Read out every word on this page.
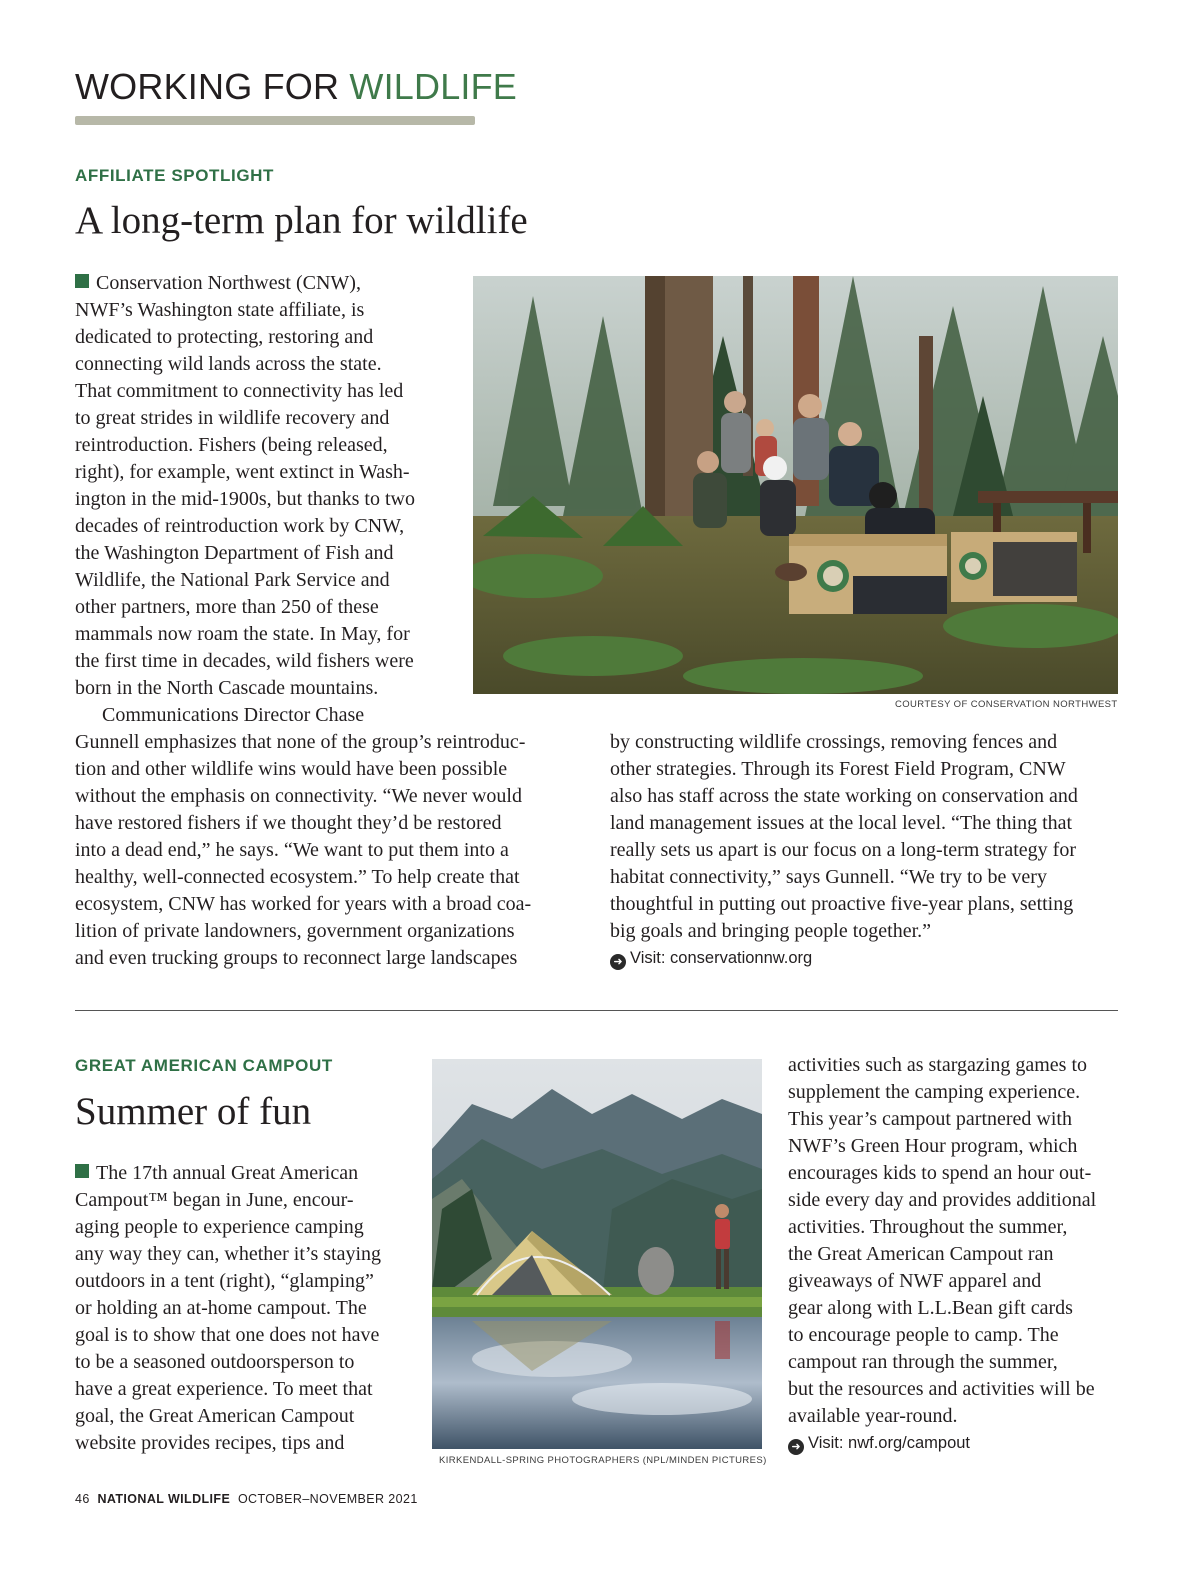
WORKING FOR WILDLIFE
AFFILIATE SPOTLIGHT
A long-term plan for wildlife
Conservation Northwest (CNW),
NWF’s Washington state affiliate, is
dedicated to protecting, restoring and
connecting wild lands across the state.
That commitment to connectivity has led
to great strides in wildlife recovery and
reintroduction. Fishers (being released,
right), for example, went extinct in Wash-
ington in the mid-1900s, but thanks to two
decades of reintroduction work by CNW,
the Washington Department of Fish and
Wildlife, the National Park Service and
other partners, more than 250 of these
mammals now roam the state. In May, for
the first time in decades, wild fishers were
born in the North Cascade mountains.
Communications Director Chase
Gunnell emphasizes that none of the group’s reintroduc-
tion and other wildlife wins would have been possible
without the emphasis on connectivity. “We never would
have restored fishers if we thought they’d be restored
into a dead end,” he says. “We want to put them into a
healthy, well-connected ecosystem.” To help create that
ecosystem, CNW has worked for years with a broad coa-
lition of private landowners, government organizations
and even trucking groups to reconnect large landscapes
COURTESY OF CONSERVATION NORTHWEST
by constructing wildlife crossings, removing fences and
other strategies. Through its Forest Field Program, CNW
also has staff across the state working on conservation and
land management issues at the local level. “The thing that
really sets us apart is our focus on a long-term strategy for
habitat connectivity,” says Gunnell. “We try to be very
thoughtful in putting out proactive five-year plans, setting
big goals and bringing people together.”
➜ Visit: conservationnw.org
GREAT AMERICAN CAMPOUT
Summer of fun
The 17th annual Great American
Campout™ began in June, encour-
aging people to experience camping
any way they can, whether it’s staying
outdoors in a tent (right), “glamping”
or holding an at-home campout. The
goal is to show that one does not have
to be a seasoned outdoorsperson to
have a great experience. To meet that
goal, the Great American Campout
website provides recipes, tips and
KIRKENDALL-SPRING PHOTOGRAPHERS (NPL/MINDEN PICTURES)
activities such as stargazing games to
supplement the camping experience.
This year’s campout partnered with
NWF’s Green Hour program, which
encourages kids to spend an hour out-
side every day and provides additional
activities. Throughout the summer,
the Great American Campout ran
giveaways of NWF apparel and
gear along with L.L.Bean gift cards
to encourage people to camp. The
campout ran through the summer,
but the resources and activities will be
available year-round.
➜ Visit: nwf.org/campout
46 NATIONAL WILDLIFE OCTOBER–NOVEMBER 2021
